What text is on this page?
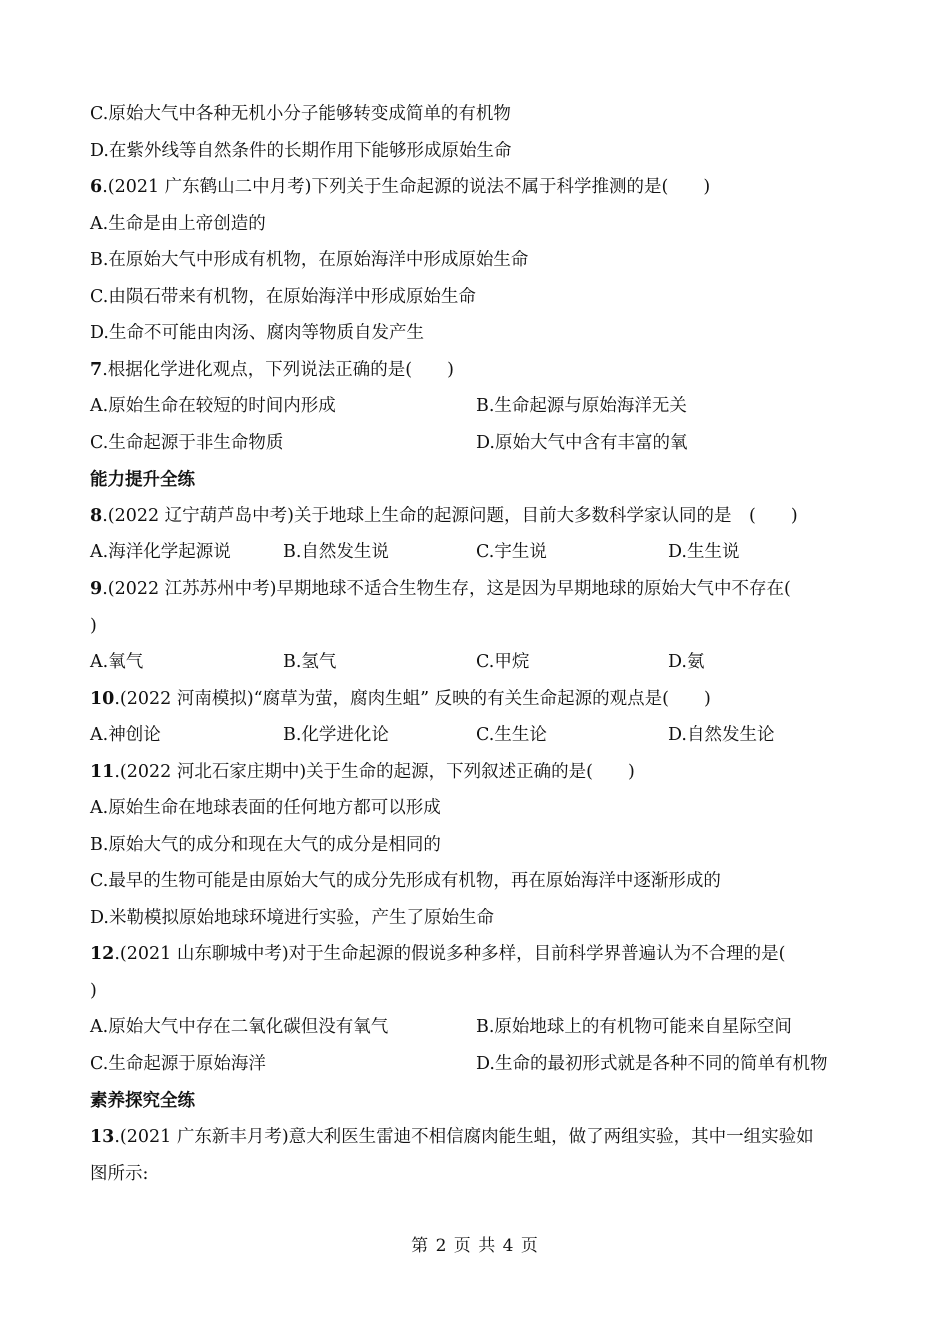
C.原始大气中各种无机小分子能够转变成简单的有机物
D.在紫外线等自然条件的长期作用下能够形成原始生命
6.(2021 广东鹤山二中月考)下列关于生命起源的说法不属于科学推测的是(　　)
A.生命是由上帝创造的
B.在原始大气中形成有机物，在原始海洋中形成原始生命
C.由陨石带来有机物，在原始海洋中形成原始生命
D.生命不可能由肉汤、腐肉等物质自发产生
7.根据化学进化观点，下列说法正确的是(　　)
A.原始生命在较短的时间内形成	B.生命起源与原始海洋无关
C.生命起源于非生命物质	D.原始大气中含有丰富的氧
能力提升全练
8.(2022 辽宁葫芦岛中考)关于地球上生命的起源问题，目前大多数科学家认同的是　(　　)
A.海洋化学起源说	B.自然发生说	C.宇生说	D.生生说
9.(2022 江苏苏州中考)早期地球不适合生物生存，这是因为早期地球的原始大气中不存在(
)
A.氧气	B.氢气	C.甲烷	D.氨
10.(2022 河南模拟)“腐草为萤，腐肉生蛆” 反映的有关生命起源的观点是(　　)
A.神创论	B.化学进化论	C.生生论	D.自然发生论
11.(2022 河北石家庄期中)关于生命的起源，下列叙述正确的是(　　)
A.原始生命在地球表面的任何地方都可以形成
B.原始大气的成分和现在大气的成分是相同的
C.最早的生物可能是由原始大气的成分先形成有机物，再在原始海洋中逐渐形成的
D.米勒模拟原始地球环境进行实验，产生了原始生命
12.(2021 山东聊城中考)对于生命起源的假说多种多样，目前科学界普遍认为不合理的是(
)
A.原始大气中存在二氧化碳但没有氧气	B.原始地球上的有机物可能来自星际空间
C.生命起源于原始海洋	D.生命的最初形式就是各种不同的简单有机物
素养探究全练
13.(2021 广东新丰月考)意大利医生雷迪不相信腐肉能生蛆，做了两组实验，其中一组实验如
图所示:
第 2 页 共 4 页
